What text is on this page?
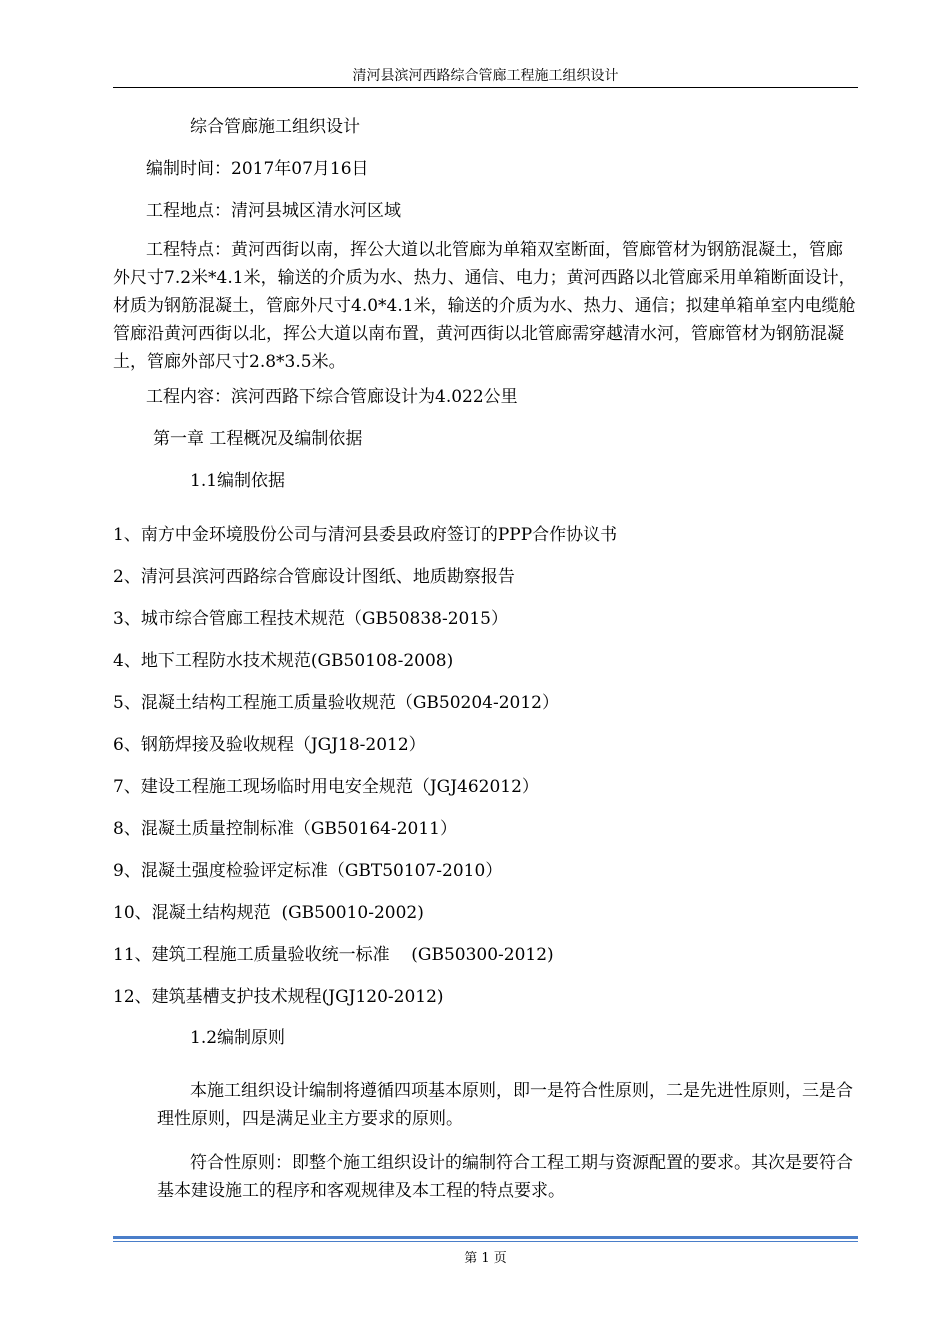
清河县滨河西路综合管廊工程施工组织设计
综合管廊施工组织设计
编制时间：2017年07月16日
工程地点：清河县城区清水河区域
工程特点：黄河西街以南，挥公大道以北管廊为单箱双室断面，管廊管材为钢筋混凝土，管廊外尺寸7.2米*4.1米，输送的介质为水、热力、通信、电力；黄河西路以北管廊采用单箱断面设计，材质为钢筋混凝土，管廊外尺寸4.0*4.1米，输送的介质为水、热力、通信；拟建单箱单室内电缆舱管廊沿黄河西街以北，挥公大道以南布置，黄河西街以北管廊需穿越清水河，管廊管材为钢筋混凝土，管廊外部尺寸2.8*3.5米。
工程内容：滨河西路下综合管廊设计为4.022公里
第一章 工程概况及编制依据
1.1编制依据
1、南方中金环境股份公司与清河县委县政府签订的PPP合作协议书
2、清河县滨河西路综合管廊设计图纸、地质勘察报告
3、城市综合管廊工程技术规范（GB50838-2015）
4、地下工程防水技术规范(GB50108-2008)
5、混凝土结构工程施工质量验收规范（GB50204-2012）
6、钢筋焊接及验收规程（JGJ18-2012）
7、建设工程施工现场临时用电安全规范（JGJ462012）
8、混凝土质量控制标准（GB50164-2011）
9、混凝土强度检验评定标准（GBT50107-2010）
10、混凝土结构规范  (GB50010-2002)
11、建筑工程施工质量验收统一标准    (GB50300-2012)
12、建筑基槽支护技术规程(JGJ120-2012)
1.2编制原则
本施工组织设计编制将遵循四项基本原则，即一是符合性原则，二是先进性原则，三是合理性原则，四是满足业主方要求的原则。
符合性原则：即整个施工组织设计的编制符合工程工期与资源配置的要求。其次是要符合基本建设施工的程序和客观规律及本工程的特点要求。
第 1 页
